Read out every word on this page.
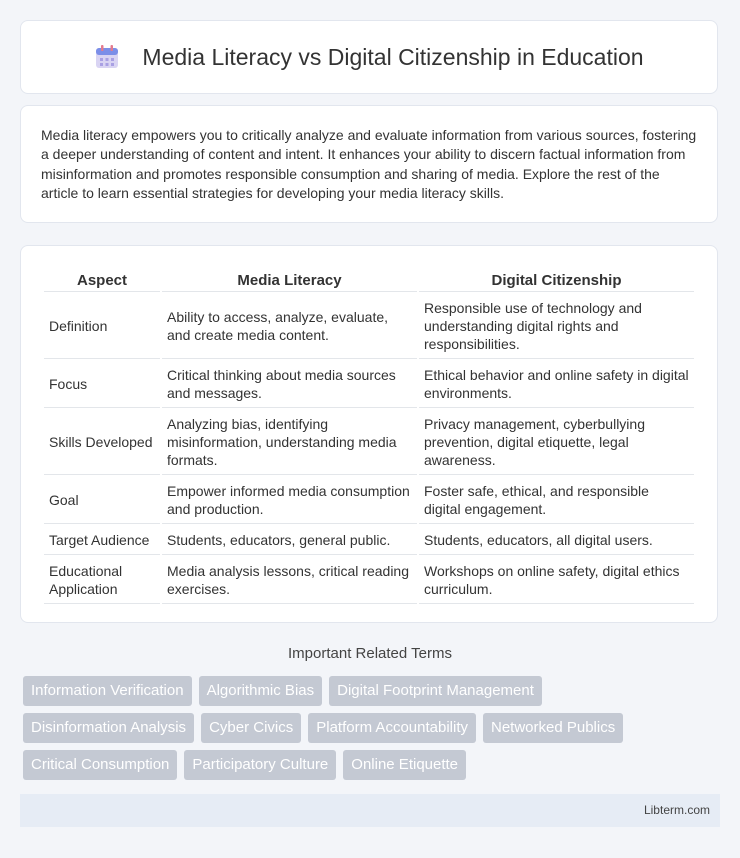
Media Literacy vs Digital Citizenship in Education

Media literacy empowers you to critically analyze and evaluate information from various sources, fostering a deeper understanding of content and intent. It enhances your ability to discern factual information from misinformation and promotes responsible consumption and sharing of media. Explore the rest of the article to learn essential strategies for developing your media literacy skills.

Aspect	Media Literacy	Digital Citizenship
Definition	Ability to access, analyze, evaluate, and create media content.	Responsible use of technology and understanding digital rights and responsibilities.
Focus	Critical thinking about media sources and messages.	Ethical behavior and online safety in digital environments.
Skills Developed	Analyzing bias, identifying misinformation, understanding media formats.	Privacy management, cyberbullying prevention, digital etiquette, legal awareness.
Goal	Empower informed media consumption and production.	Foster safe, ethical, and responsible digital engagement.
Target Audience	Students, educators, general public.	Students, educators, all digital users.
Educational Application	Media analysis lessons, critical reading exercises.	Workshops on online safety, digital ethics curriculum.
Important Related Terms
Information Verification	Algorithmic Bias	Digital Footprint Management
Disinformation Analysis	Cyber Civics	Platform Accountability	Networked Publics
Critical Consumption	Participatory Culture	Online Etiquette
Libterm.com
